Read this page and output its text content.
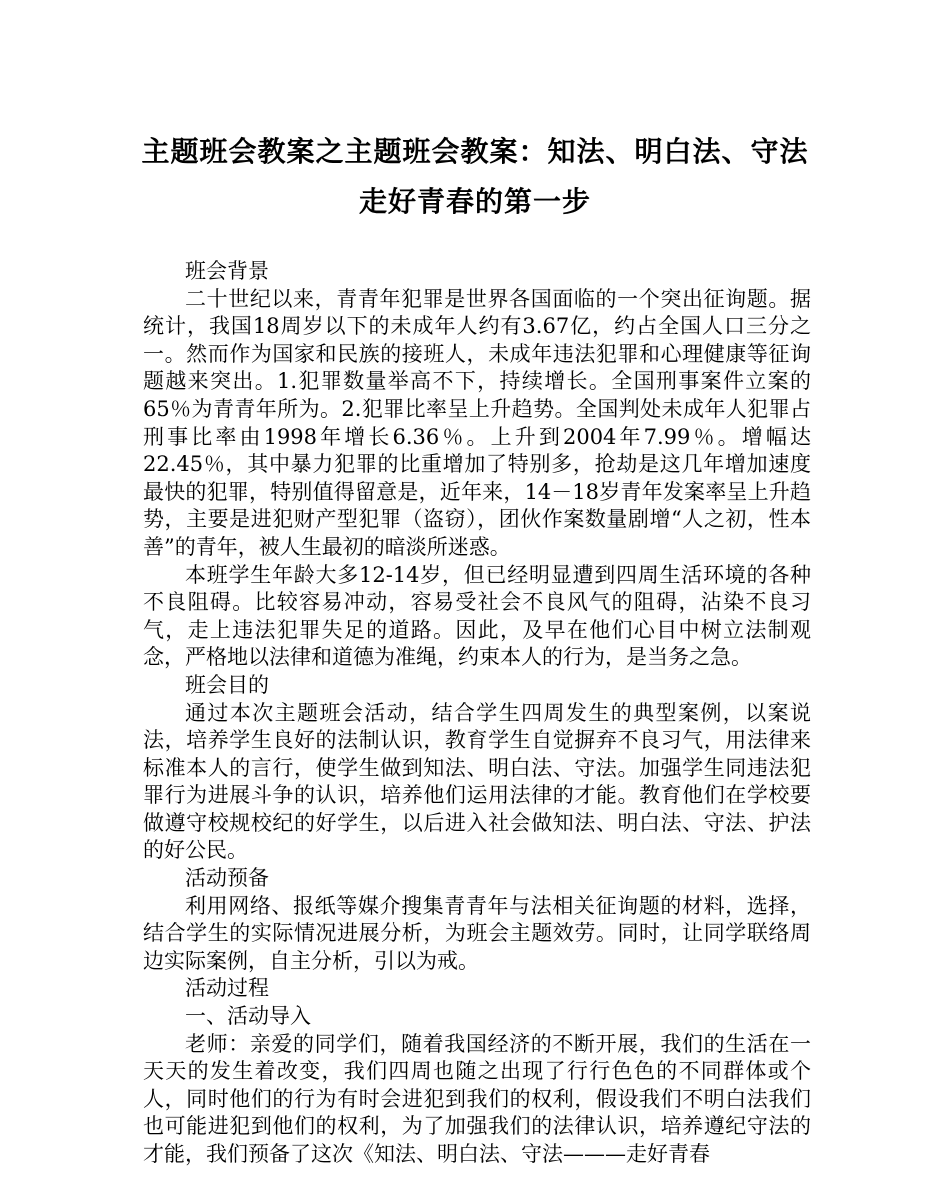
主题班会教案之主题班会教案：知法、明白法、守法
走好青春的第一步

班会背景

二十世纪以来，青青年犯罪是世界各国面临的一个突出征询题。据统计，我国18周岁以下的未成年人约有3.67亿，约占全国人口三分之一。然而作为国家和民族的接班人，未成年违法犯罪和心理健康等征询题越来突出。1.犯罪数量举高不下，持续增长。全国刑事案件立案的65％为青青年所为。2.犯罪比率呈上升趋势。全国判处未成年人犯罪占刑事比率由1998年增长6.36％。上升到2004年7.99％。增幅达22.45％，其中暴力犯罪的比重增加了特别多，抢劫是这几年增加速度最快的犯罪，特别值得留意是，近年来，14－18岁青年发案率呈上升趋势，主要是进犯财产型犯罪（盗窃），团伙作案数量剧增“人之初，性本善”的青年，被人生最初的暗淡所迷惑。

本班学生年龄大多12-14岁，但已经明显遭到四周生活环境的各种不良阻碍。比较容易冲动，容易受社会不良风气的阻碍，沾染不良习气，走上违法犯罪失足的道路。因此，及早在他们心目中树立法制观念，严格地以法律和道德为准绳，约束本人的行为，是当务之急。

班会目的

通过本次主题班会活动，结合学生四周发生的典型案例，以案说法，培养学生良好的法制认识，教育学生自觉摒弃不良习气，用法律来标准本人的言行，使学生做到知法、明白法、守法。加强学生同违法犯罪行为进展斗争的认识，培养他们运用法律的才能。教育他们在学校要做遵守校规校纪的好学生，以后进入社会做知法、明白法、守法、护法的好公民。

活动预备

利用网络、报纸等媒介搜集青青年与法相关征询题的材料，选择，结合学生的实际情况进展分析，为班会主题效劳。同时，让同学联络周边实际案例，自主分析，引以为戒。

活动过程

一、活动导入

老师：亲爱的同学们，随着我国经济的不断开展，我们的生活在一天天的发生着改变，我们四周也随之出现了行行色色的不同群体或个人，同时他们的行为有时会进犯到我们的权利，假设我们不明白法我们也可能进犯到他们的权利，为了加强我们的法律认识，培养遵纪守法的才能，我们预备了这次《知法、明白法、守法———走好青春
